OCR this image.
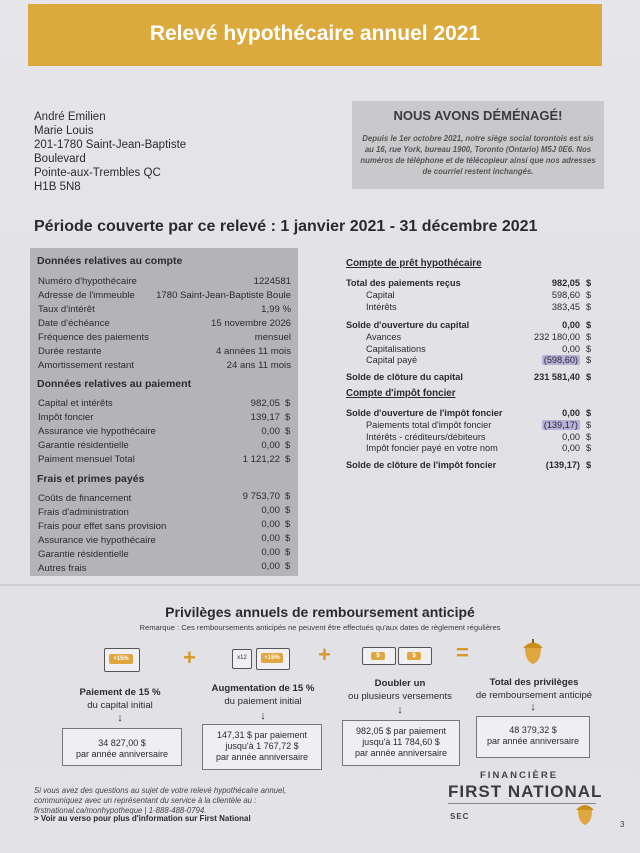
Relevé hypothécaire annuel 2021
André Emilien
Marie Louis
201-1780 Saint-Jean-Baptiste
Boulevard
Pointe-aux-Trembles QC
H1B 5N8
NOUS AVONS DÉMÉNAGÉ!
Depuis le 1er octobre 2021, notre siège social torontois est sis au 16, rue York, bureau 1900, Toronto (Ontario) M5J 0E6. Nos numéros de téléphone et de télécopieur ainsi que nos adresses de courriel restent inchangés.
Période couverte par ce relevé : 1 janvier 2021 - 31 décembre 2021
Données relatives au compte
Numéro d'hypothécaire	1224581
Adresse de l'immeuble	1780 Saint-Jean-Baptiste Boule
Taux d'intérêt	1,99 %
Date d'échéance	15 novembre 2026
Fréquence des paiements	mensuel
Durée restante	4 années 11 mois
Amortissement restant	24 ans 11 mois
Données relatives au paiement
Capital et intérêts	982,05 $
Impôt foncier	139,17 $
Assurance vie hypothécaire	0,00 $
Garantie résidentielle	0,00 $
Paiment mensuel Total	1 121,22 $
Frais et primes payés
Coûts de financement	9 753,70 $
Frais d'administration	0,00 $
Frais pour effet sans provision	0,00 $
Assurance vie hypothécaire	0,00 $
Garantie résidentielle	0,00 $
Autres frais	0,00 $
Compte de prêt hypothécaire
Total des paiements reçus	982,05 $
Capital	598,60 $
Intérêts	383,45 $
Solde d'ouverture du capital	0,00 $
Avances	232 180,00 $
Capitalisations	0,00 $
Capital payé	(598,60) $
Solde de clôture du capital	231 581,40 $
Compte d'impôt foncier
Solde d'ouverture de l'impôt foncier	0,00 $
Paiements total d'impôt foncier	(139,17) $
Intérêts - créditeurs/débiteurs	0,00 $
Impôt foncier payé en votre nom	0,00 $
Solde de clôture de l'impôt foncier	(139,17) $
Privilèges annuels de remboursement anticipé
Remarque : Ces remboursements anticipés ne peuvent être effectués qu'aux dates de règlement régulières
+15% +	x12	+15% +	$	$ =
Paiement de 15 %
du capital initial
↓
34 827,00 $
par année anniversaire
Augmentation de 15 %
du paiement initial
↓
147,31 $ par paiement
jusqu'à 1 767,72 $
par année anniversaire
Doubler un
ou plusieurs versements
↓
982,05 $ par paiement
jusqu'à 11 784,60 $
par année anniversaire
Total des privilèges
de remboursement anticipé
↓
48 379,32 $
par année anniversaire
Si vous avez des questions au sujet de votre relevé hypothécaire annuel, communiquez avec un représentant du service à la clientèle au : firstnational.ca/monhypotheque | 1-888-488-0794.
> Voir au verso pour plus d'information sur First National
FINANCIÈRE
FIRST NATIONAL
SEC
3
